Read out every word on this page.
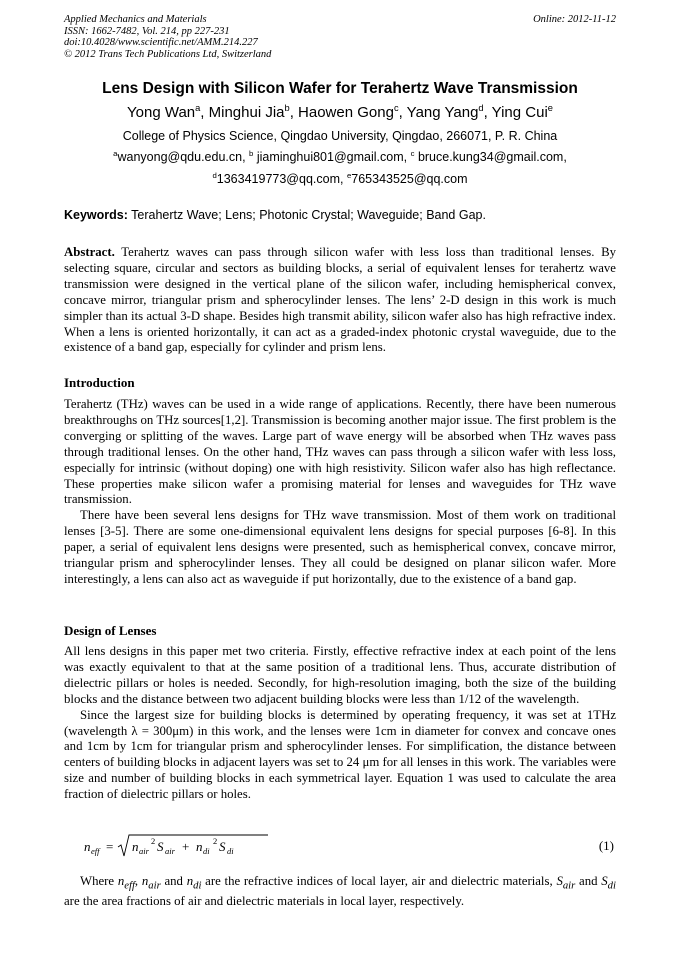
Applied Mechanics and Materials
ISSN: 1662-7482, Vol. 214, pp 227-231
doi:10.4028/www.scientific.net/AMM.214.227
© 2012 Trans Tech Publications Ltd, Switzerland
Online: 2012-11-12
Lens Design with Silicon Wafer for Terahertz Wave Transmission
Yong Wan$^a$, Minghui Jia$^b$, Haowen Gong$^c$, Yang Yang$^d$, Ying Cui$^e$
College of Physics Science, Qingdao University, Qingdao, 266071, P. R. China
$^a$wanyong@qdu.edu.cn, $^b$ jiaminghui801@gmail.com, $^c$ bruce.kung34@gmail.com,
$^d$1363419773@qq.com, $^e$765343525@qq.com
Keywords: Terahertz Wave; Lens; Photonic Crystal; Waveguide; Band Gap.

Abstract. Terahertz waves can pass through silicon wafer with less loss than traditional lenses. By selecting square, circular and sectors as building blocks, a serial of equivalent lenses for terahertz wave transmission were designed in the vertical plane of the silicon wafer, including hemispherical convex, concave mirror, triangular prism and spherocylinder lenses. The lens’ 2-D design in this work is much simpler than its actual 3-D shape. Besides high transmit ability, silicon wafer also has high refractive index. When a lens is oriented horizontally, it can act as a graded-index photonic crystal waveguide, due to the existence of a band gap, especially for cylinder and prism lens.

Introduction

Terahertz (THz) waves can be used in a wide range of applications. Recently, there have been numerous breakthroughs on THz sources[1,2]. Transmission is becoming another major issue. The first problem is the converging or splitting of the waves. Large part of wave energy will be absorbed when THz waves pass through traditional lenses. On the other hand, THz waves can pass through a silicon wafer with less loss, especially for intrinsic (without doping) one with high resistivity. Silicon wafer also has high reflectance. These properties make silicon wafer a promising material for lenses and waveguides for THz wave transmission.

There have been several lens designs for THz wave transmission. Most of them work on traditional lenses [3-5]. There are some one-dimensional equivalent lens designs for special purposes [6-8]. In this paper, a serial of equivalent lens designs were presented, such as hemispherical convex, concave mirror, triangular prism and spherocylinder lenses. They all could be designed on planar silicon wafer. More interestingly, a lens can also act as waveguide if put horizontally, due to the existence of a band gap.

Design of Lenses

All lens designs in this paper met two criteria. Firstly, effective refractive index at each point of the lens was exactly equivalent to that at the same position of a traditional lens. Thus, accurate distribution of dielectric pillars or holes is needed. Secondly, for high-resolution imaging, both the size of the building blocks and the distance between two adjacent building blocks were less than 1/12 of the wavelength.

Since the largest size for building blocks is determined by operating frequency, it was set at 1THz (wavelength λ = 300μm) in this work, and the lenses were 1cm in diameter for convex and concave ones and 1cm by 1cm for triangular prism and spherocylinder lenses. For simplification, the distance between centers of building blocks in adjacent layers was set to 24 μm for all lenses in this work. The variables were size and number of building blocks in each symmetrical layer. Equation 1 was used to calculate the area fraction of dielectric pillars or holes.

n eff = n air
2 S air + n di
2 S di	(1)

Where $n_{eff}$, $n_{air}$ and $n_{di}$ are the refractive indices of local layer, air and dielectric materials, $S_{air}$ and $S_{di}$ are the area fractions of air and dielectric materials in local layer, respectively.
